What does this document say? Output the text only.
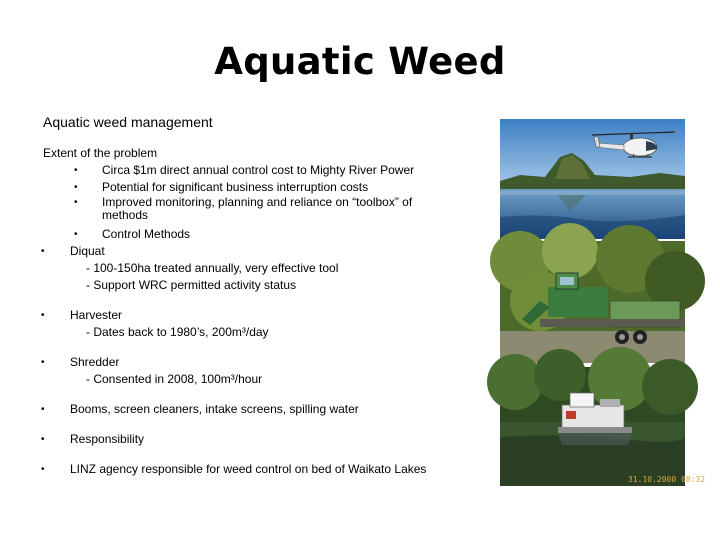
Aquatic Weed
Aquatic weed management
Extent of the problem
• Circa $1m direct annual control cost to Mighty River Power
• Potential for significant business interruption costs
• Improved monitoring, planning and reliance on “toolbox” of methods
• Control Methods
• Diquat
- 100-150ha treated annually, very effective tool
- Support WRC permitted activity status
• Harvester
- Dates back to 1980’s, 200m³/day
• Shredder
- Consented in 2008, 100m³/hour
• Booms, screen cleaners, intake screens, spilling water
• Responsibility
• LINZ agency responsible for weed control on bed of Waikato Lakes
31.10.2000 08:32
